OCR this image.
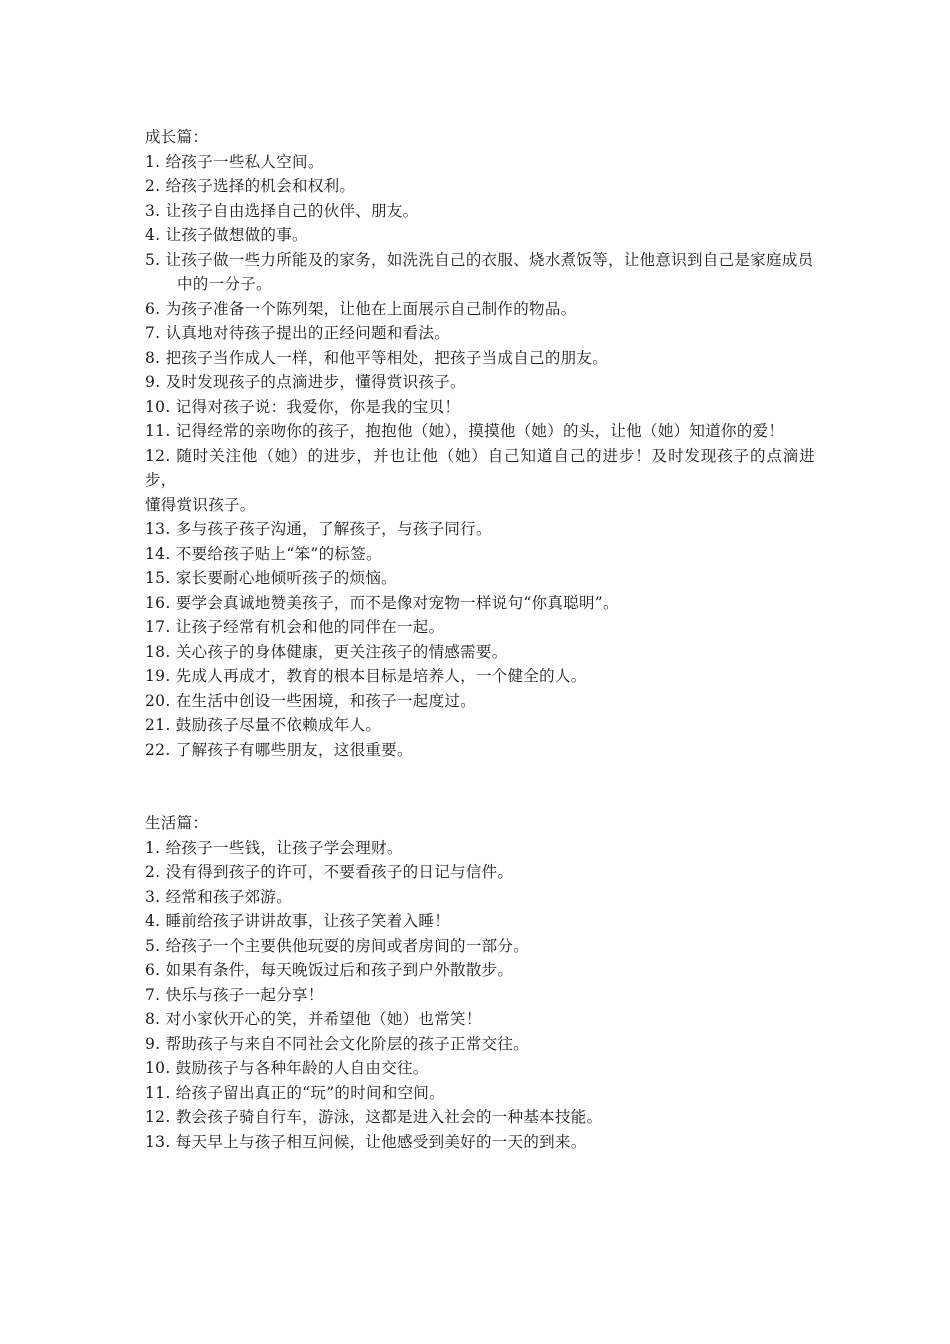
成长篇：

1. 给孩子一些私人空间。

2. 给孩子选择的机会和权利。

3. 让孩子自由选择自己的伙伴、朋友。

4. 让孩子做想做的事。

5. 让孩子做一些力所能及的家务，如洗洗自己的衣服、烧水煮饭等，让他意识到自己是家庭成员

中的一分子。

6. 为孩子准备一个陈列架，让他在上面展示自己制作的物品。

7. 认真地对待孩子提出的正经问题和看法。

8. 把孩子当作成人一样，和他平等相处，把孩子当成自己的朋友。

9. 及时发现孩子的点滴进步，懂得赏识孩子。

10. 记得对孩子说：我爱你，你是我的宝贝！

11. 记得经常的亲吻你的孩子，抱抱他（她），摸摸他（她）的头，让他（她）知道你的爱！

12. 随时关注他（她）的进步，并也让他（她）自己知道自己的进步！及时发现孩子的点滴进步，

懂得赏识孩子。

13. 多与孩子孩子沟通，了解孩子，与孩子同行。

14. 不要给孩子贴上“笨”的标签。

15. 家长要耐心地倾听孩子的烦恼。

16. 要学会真诚地赞美孩子，而不是像对宠物一样说句“你真聪明”。

17. 让孩子经常有机会和他的同伴在一起。

18. 关心孩子的身体健康，更关注孩子的情感需要。

19. 先成人再成才，教育的根本目标是培养人，一个健全的人。

20. 在生活中创设一些困境，和孩子一起度过。

21. 鼓励孩子尽量不依赖成年人。

22. 了解孩子有哪些朋友，这很重要。

生活篇：

1. 给孩子一些钱，让孩子学会理财。

2. 没有得到孩子的许可，不要看孩子的日记与信件。

3. 经常和孩子郊游。

4. 睡前给孩子讲讲故事，让孩子笑着入睡！

5. 给孩子一个主要供他玩耍的房间或者房间的一部分。

6. 如果有条件，每天晚饭过后和孩子到户外散散步。

7. 快乐与孩子一起分享！

8. 对小家伙开心的笑，并希望他（她）也常笑！

9. 帮助孩子与来自不同社会文化阶层的孩子正常交往。

10. 鼓励孩子与各种年龄的人自由交往。

11. 给孩子留出真正的“玩”的时间和空间。

12. 教会孩子骑自行车，游泳，这都是进入社会的一种基本技能。

13. 每天早上与孩子相互问候，让他感受到美好的一天的到来。
